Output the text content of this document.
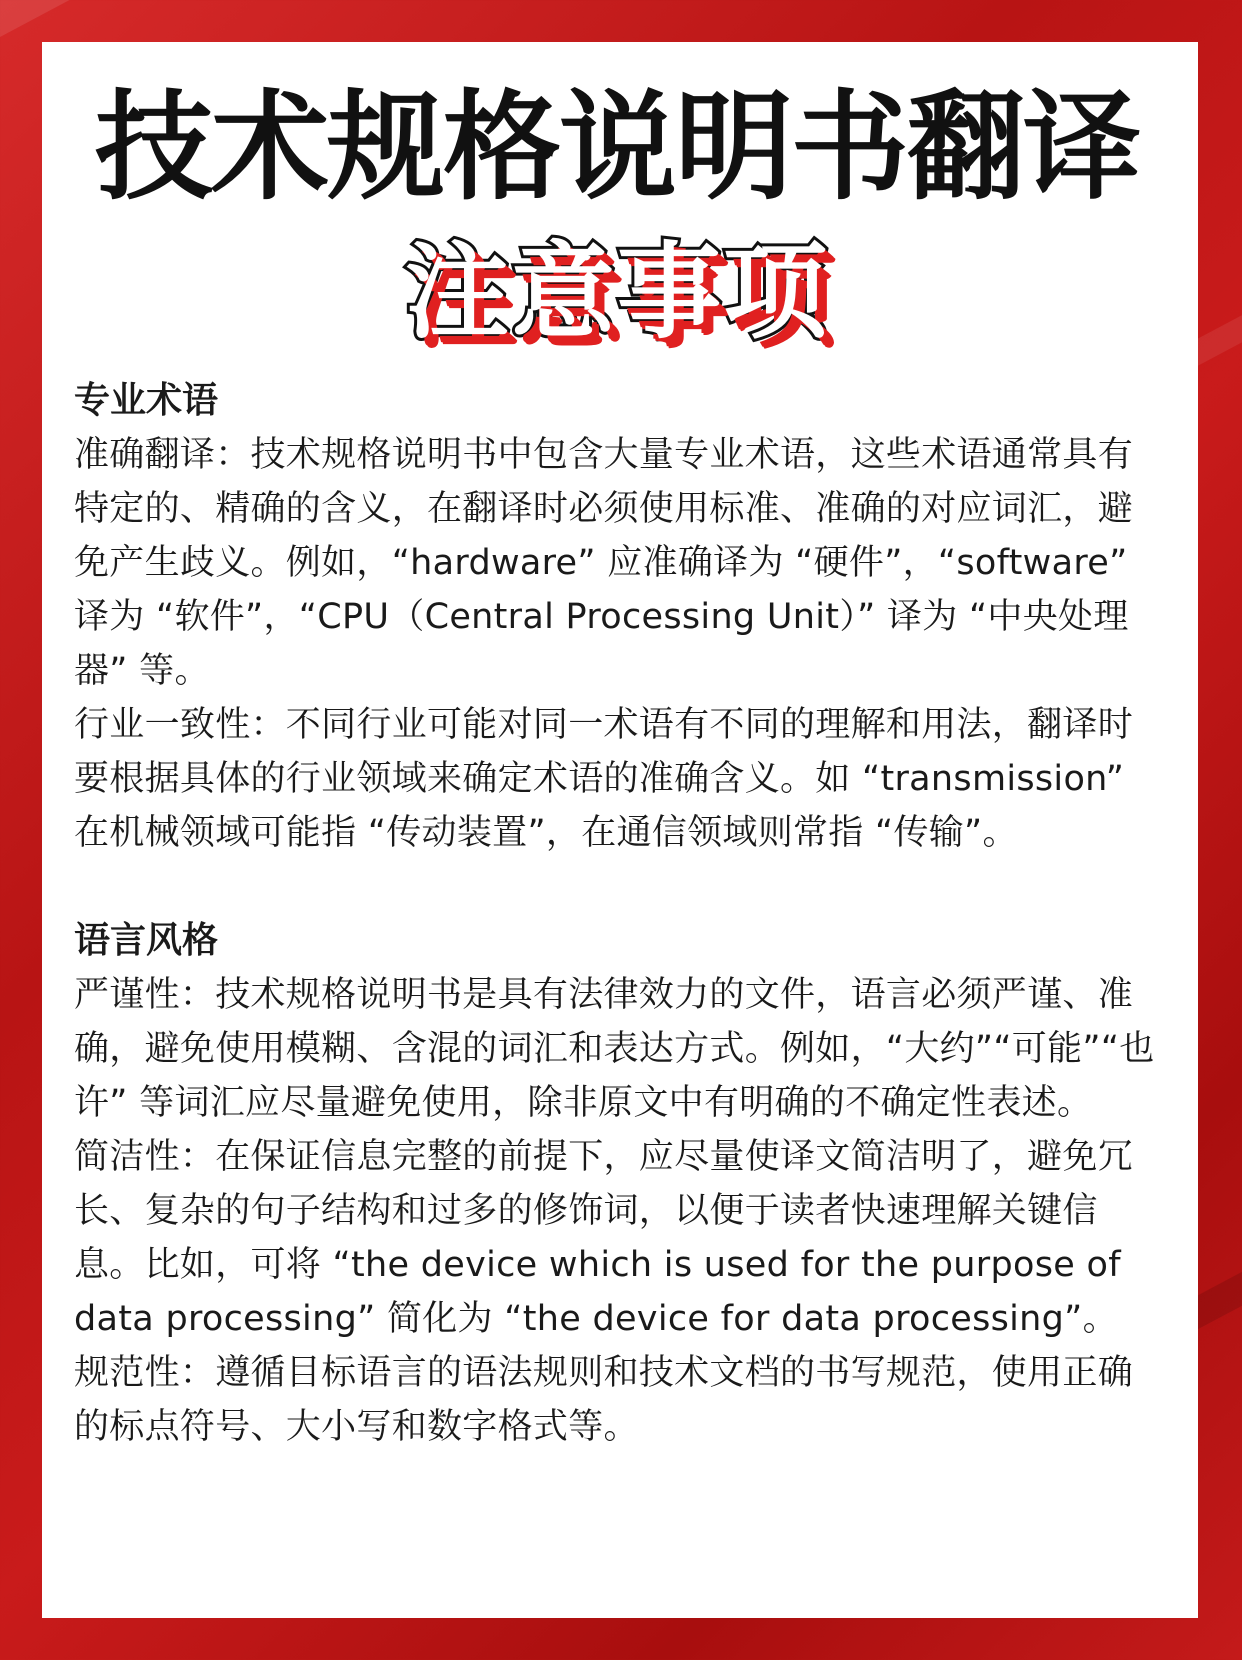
技术规格说明书翻译
注意事项
专业术语

准确翻译：技术规格说明书中包含大量专业术语，这些术语通常具有特定的、精确的含义，在翻译时必须使用标准、准确的对应词汇，避免产生歧义。例如，“hardware” 应准确译为 “硬件”，“software” 译为 “软件”，“CPU（Central Processing Unit）” 译为 “中央处理器” 等。

行业一致性：不同行业可能对同一术语有不同的理解和用法，翻译时要根据具体的行业领域来确定术语的准确含义。如 “transmission” 在机械领域可能指 “传动装置”，在通信领域则常指 “传输”。

语言风格

严谨性：技术规格说明书是具有法律效力的文件，语言必须严谨、准确，避免使用模糊、含混的词汇和表达方式。例如，“大约”“可能”“也许” 等词汇应尽量避免使用，除非原文中有明确的不确定性表述。

简洁性：在保证信息完整的前提下，应尽量使译文简洁明了，避免冗长、复杂的句子结构和过多的修饰词，以便于读者快速理解关键信息。比如，可将 “the device which is used for the purpose of data processing” 简化为 “the device for data processing”。

规范性：遵循目标语言的语法规则和技术文档的书写规范，使用正确的标点符号、大小写和数字格式等。
